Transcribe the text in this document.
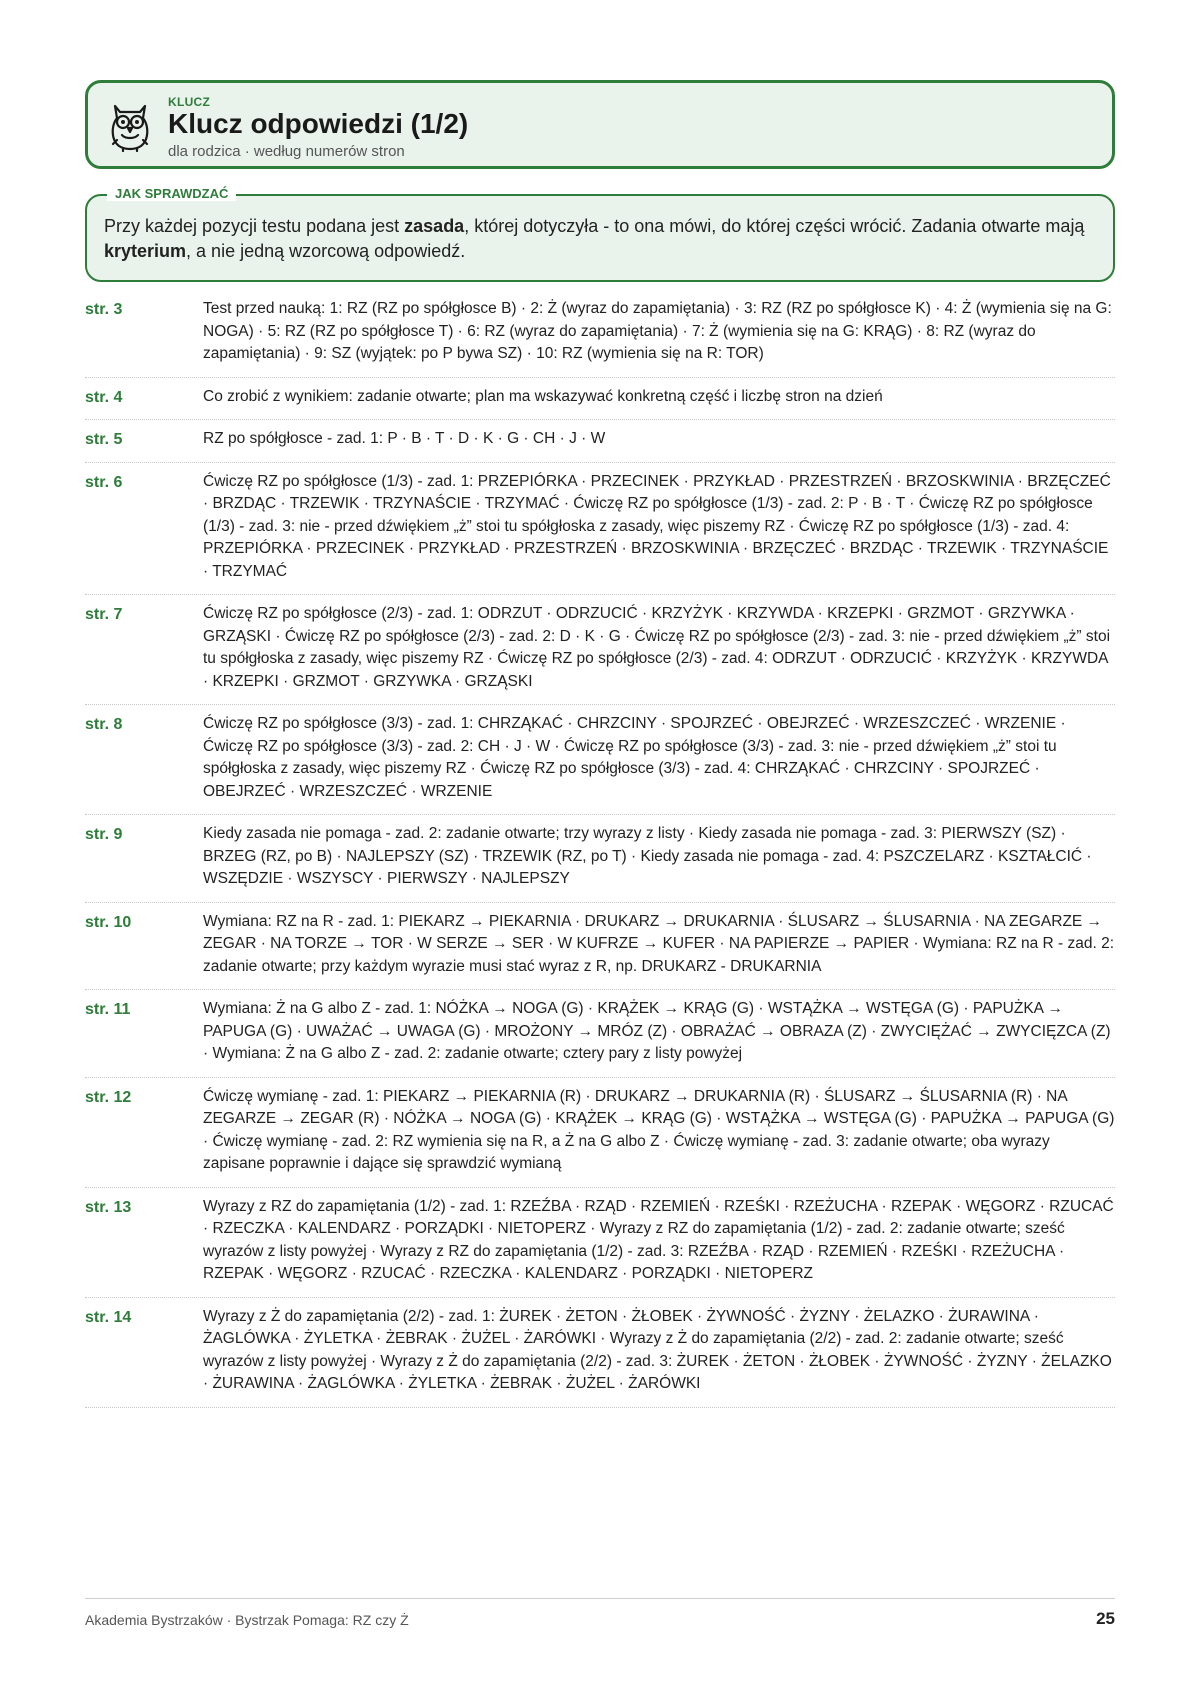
KLUCZ
Klucz odpowiedzi (1/2)
dla rodzica · według numerów stron
JAK SPRAWDZAĆ
Przy każdej pozycji testu podana jest zasada, której dotyczyła - to ona mówi, do której części wrócić. Zadania otwarte mają kryterium, a nie jedną wzorcową odpowiedź.
str. 3	Test przed nauką: 1: RZ (RZ po spółgłosce B) · 2: Ż (wyraz do zapamiętania) · 3: RZ (RZ po spółgłosce K) · 4: Ż (wymienia się na G: NOGA) · 5: RZ (RZ po spółgłosce T) · 6: RZ (wyraz do zapamiętania) · 7: Ż (wymienia się na G: KRĄG) · 8: RZ (wyraz do zapamiętania) · 9: SZ (wyjątek: po P bywa SZ) · 10: RZ (wymienia się na R: TOR)
str. 4	Co zrobić z wynikiem: zadanie otwarte; plan ma wskazywać konkretną część i liczbę stron na dzień
str. 5	RZ po spółgłosce - zad. 1: P · B · T · D · K · G · CH · J · W
str. 6	Ćwiczę RZ po spółgłosce (1/3) - zad. 1: PRZEPIÓRKA · PRZECINEK · PRZYKŁAD · PRZESTRZEŃ · BRZOSKWINIA · BRZĘCZEĆ · BRZDĄC · TRZEWIK · TRZYNAŚCIE · TRZYMAĆ · Ćwiczę RZ po spółgłosce (1/3) - zad. 2: P · B · T · Ćwiczę RZ po spółgłosce (1/3) - zad. 3: nie - przed dźwiękiem „ż” stoi tu spółgłoska z zasady, więc piszemy RZ · Ćwiczę RZ po spółgłosce (1/3) - zad. 4: PRZEPIÓRKA · PRZECINEK · PRZYKŁAD · PRZESTRZEŃ · BRZOSKWINIA · BRZĘCZEĆ · BRZDĄC · TRZEWIK · TRZYNAŚCIE · TRZYMAĆ
str. 7	Ćwiczę RZ po spółgłosce (2/3) - zad. 1: ODRZUT · ODRZUCIĆ · KRZYŻYK · KRZYWDA · KRZEPKI · GRZMOT · GRZYWKA · GRZĄSKI · Ćwiczę RZ po spółgłosce (2/3) - zad. 2: D · K · G · Ćwiczę RZ po spółgłosce (2/3) - zad. 3: nie - przed dźwiękiem „ż” stoi tu spółgłoska z zasady, więc piszemy RZ · Ćwiczę RZ po spółgłosce (2/3) - zad. 4: ODRZUT · ODRZUCIĆ · KRZYŻYK · KRZYWDA · KRZEPKI · GRZMOT · GRZYWKA · GRZĄSKI
str. 8	Ćwiczę RZ po spółgłosce (3/3) - zad. 1: CHRZĄKAĆ · CHRZCINY · SPOJRZEĆ · OBEJRZEĆ · WRZESZCZEĆ · WRZENIE · Ćwiczę RZ po spółgłosce (3/3) - zad. 2: CH · J · W · Ćwiczę RZ po spółgłosce (3/3) - zad. 3: nie - przed dźwiękiem „ż” stoi tu spółgłoska z zasady, więc piszemy RZ · Ćwiczę RZ po spółgłosce (3/3) - zad. 4: CHRZĄKAĆ · CHRZCINY · SPOJRZEĆ · OBEJRZEĆ · WRZESZCZEĆ · WRZENIE
str. 9	Kiedy zasada nie pomaga - zad. 2: zadanie otwarte; trzy wyrazy z listy · Kiedy zasada nie pomaga - zad. 3: PIERWSZY (SZ) · BRZEG (RZ, po B) · NAJLEPSZY (SZ) · TRZEWIK (RZ, po T) · Kiedy zasada nie pomaga - zad. 4: PSZCZELARZ · KSZTAŁCIĆ · WSZĘDZIE · WSZYSCY · PIERWSZY · NAJLEPSZY
str. 10	Wymiana: RZ na R - zad. 1: PIEKARZ → PIEKARNIA · DRUKARZ → DRUKARNIA · ŚLUSARZ → ŚLUSARNIA · NA ZEGARZE → ZEGAR · NA TORZE → TOR · W SERZE → SER · W KUFRZE → KUFER · NA PAPIERZE → PAPIER · Wymiana: RZ na R - zad. 2: zadanie otwarte; przy każdym wyrazie musi stać wyraz z R, np. DRUKARZ - DRUKARNIA
str. 11	Wymiana: Ż na G albo Z - zad. 1: NÓŻKA → NOGA (G) · KRĄŻEK → KRĄG (G) · WSTĄŻKA → WSTĘGA (G) · PAPUŻKA → PAPUGA (G) · UWAŻAĆ → UWAGA (G) · MROŻONY → MRÓZ (Z) · OBRAŻAĆ → OBRAZA (Z) · ZWYCIĘŻAĆ → ZWYCIĘZCA (Z) · Wymiana: Ż na G albo Z - zad. 2: zadanie otwarte; cztery pary z listy powyżej
str. 12	Ćwiczę wymianę - zad. 1: PIEKARZ → PIEKARNIA (R) · DRUKARZ → DRUKARNIA (R) · ŚLUSARZ → ŚLUSARNIA (R) · NA ZEGARZE → ZEGAR (R) · NÓŻKA → NOGA (G) · KRĄŻEK → KRĄG (G) · WSTĄŻKA → WSTĘGA (G) · PAPUŻKA → PAPUGA (G) · Ćwiczę wymianę - zad. 2: RZ wymienia się na R, a Ż na G albo Z · Ćwiczę wymianę - zad. 3: zadanie otwarte; oba wyrazy zapisane poprawnie i dające się sprawdzić wymianą
str. 13	Wyrazy z RZ do zapamiętania (1/2) - zad. 1: RZEŹBA · RZĄD · RZEMIEŃ · RZEŚKI · RZEŻUCHA · RZEPAK · WĘGORZ · RZUCAĆ · RZECZKA · KALENDARZ · PORZĄDKI · NIETOPERZ · Wyrazy z RZ do zapamiętania (1/2) - zad. 2: zadanie otwarte; sześć wyrazów z listy powyżej · Wyrazy z RZ do zapamiętania (1/2) - zad. 3: RZEŹBA · RZĄD · RZEMIEŃ · RZEŚKI · RZEŻUCHA · RZEPAK · WĘGORZ · RZUCAĆ · RZECZKA · KALENDARZ · PORZĄDKI · NIETOPERZ
str. 14	Wyrazy z Ż do zapamiętania (2/2) - zad. 1: ŻUREK · ŻETON · ŻŁOBEK · ŻYWNOŚĆ · ŻYZNY · ŻELAZKO · ŻURAWINA · ŻAGLÓWKA · ŻYLETKA · ŻEBRAK · ŻUŻEL · ŻARÓWKI · Wyrazy z Ż do zapamiętania (2/2) - zad. 2: zadanie otwarte; sześć wyrazów z listy powyżej · Wyrazy z Ż do zapamiętania (2/2) - zad. 3: ŻUREK · ŻETON · ŻŁOBEK · ŻYWNOŚĆ · ŻYZNY · ŻELAZKO · ŻURAWINA · ŻAGLÓWKA · ŻYLETKA · ŻEBRAK · ŻUŻEL · ŻARÓWKI
Akademia Bystrzaków · Bystrzak Pomaga: RZ czy Ż	25
